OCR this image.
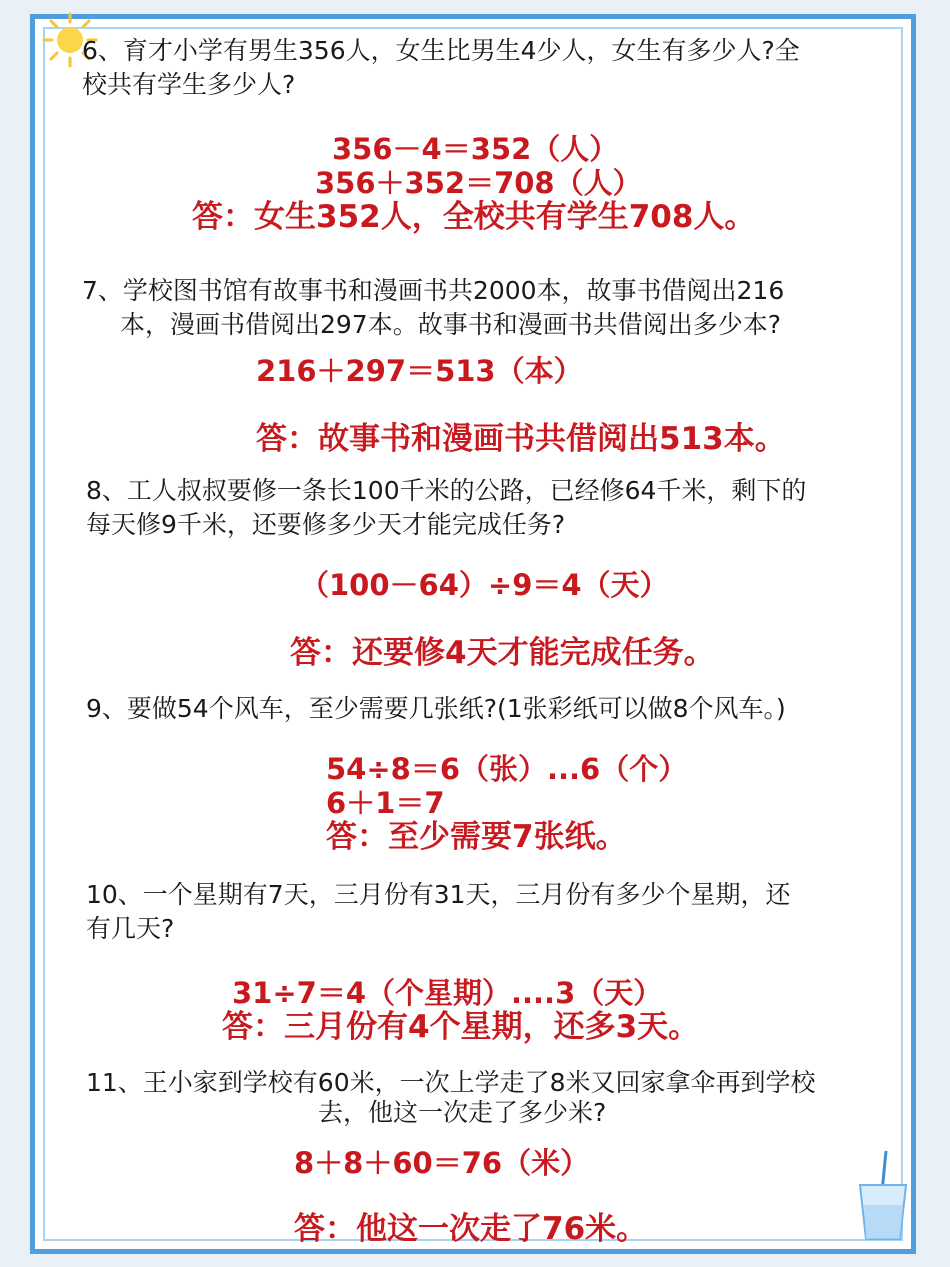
6、育才小学有男生356人，女生比男生4少人，女生有多少人?全
校共有学生多少人?
356－4＝352（人）
356＋352＝708（人）
答：女生352人，全校共有学生708人。
7、学校图书馆有故事书和漫画书共2000本，故事书借阅出216
本，漫画书借阅出297本。故事书和漫画书共借阅出多少本?
216＋297＝513（本）
答：故事书和漫画书共借阅出513本。
8、工人叔叔要修一条长100千米的公路，已经修64千米，剩下的
每天修9千米，还要修多少天才能完成任务?
（100－64）÷9＝4（天）
答：还要修4天才能完成任务。
9、要做54个风车，至少需要几张纸?(1张彩纸可以做8个风车。)
54÷8＝6（张）...6（个）
6＋1＝7
答：至少需要7张纸。
10、一个星期有7天，三月份有31天，三月份有多少个星期，还
有几天?
31÷7＝4（个星期）....3（天）
答：三月份有4个星期，还多3天。
11、王小家到学校有60米，一次上学走了8米又回家拿伞再到学校
去，他这一次走了多少米?
8＋8＋60＝76（米）
答：他这一次走了76米。
